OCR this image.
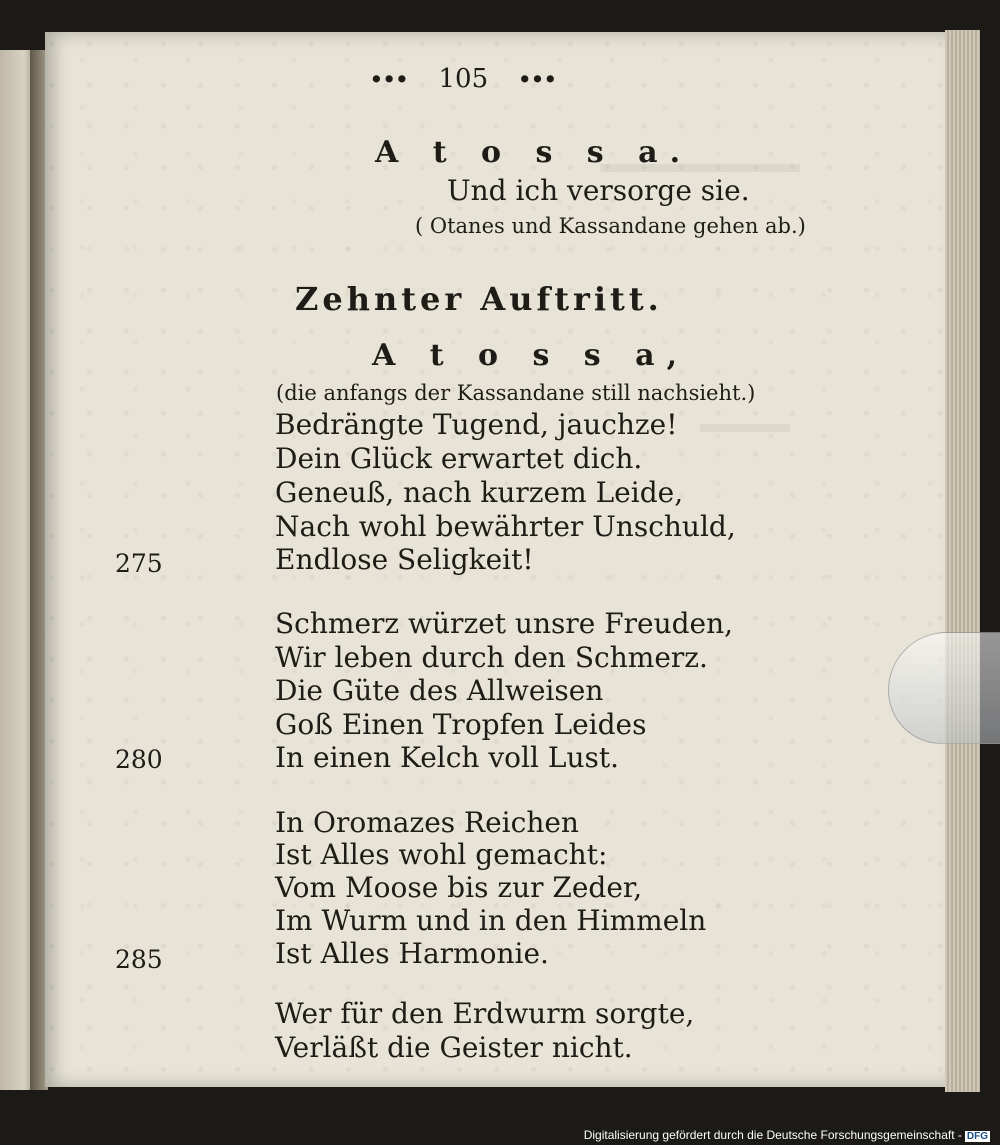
∙∙∙ 105 ∙∙∙
A t o s s a.
Und ich versorge sie.
( Otanes und Kassandane gehen ab.)
Zehnter Auftritt.
A t o s s a,
(die anfangs der Kassandane still nachsieht.)
Bedrängte Tugend, jauchze!
Dein Glück erwartet dich.
Geneuß, nach kurzem Leide,
Nach wohl bewährter Unschuld,
Endlose Seligkeit!
Schmerz würzet unsre Freuden,
Wir leben durch den Schmerz.
Die Güte des Allweisen
Goß Einen Tropfen Leides
In einen Kelch voll Lust.
In Oromazes Reichen
Ist Alles wohl gemacht:
Vom Moose bis zur Zeder,
Im Wurm und in den Himmeln
Ist Alles Harmonie.
Wer für den Erdwurm sorgte,
Verläßt die Geister nicht.
275
280
285
Digitalisierung gefördert durch die Deutsche Forschungsgemeinschaft - DFG
